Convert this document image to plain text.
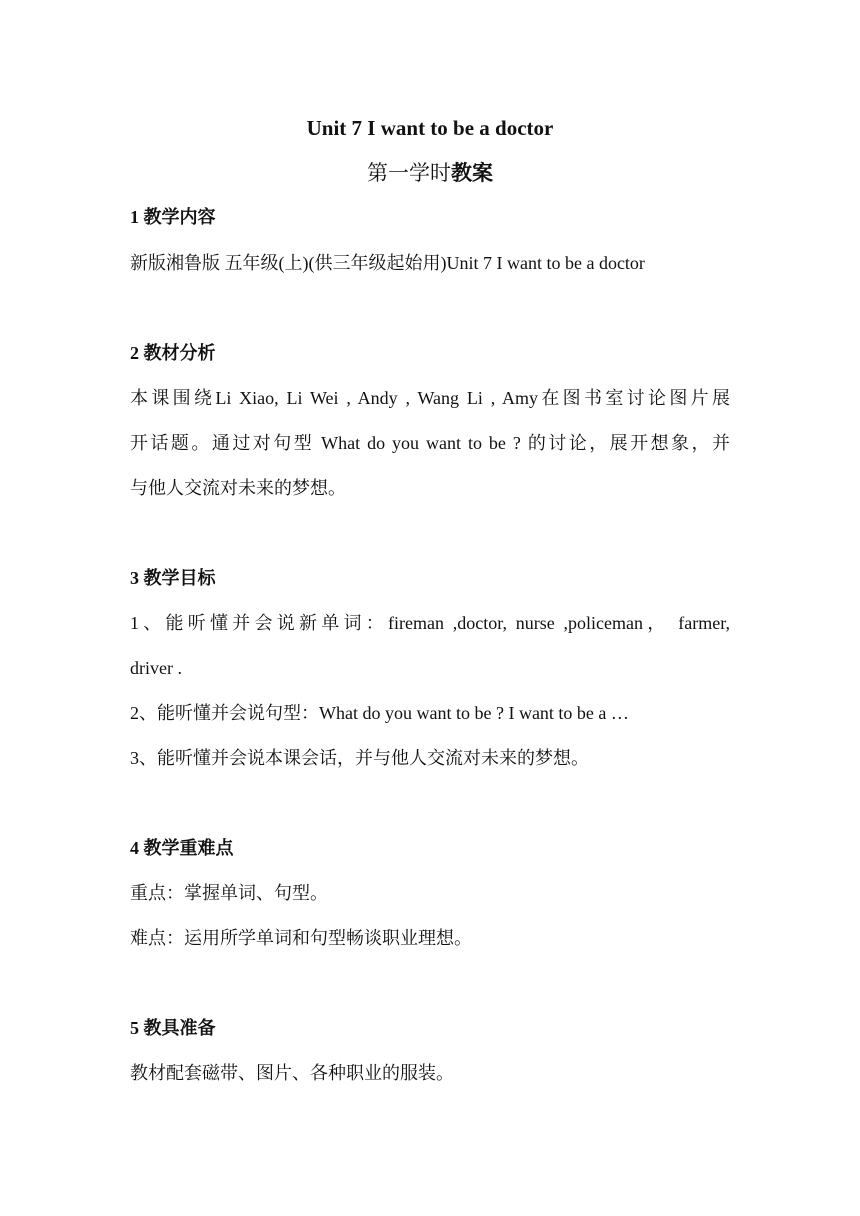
Unit 7 I want to be a doctor
第一学时教案
1 教学内容
新版湘鲁版 五年级(上)(供三年级起始用)Unit 7 I want to be a doctor
2 教材分析
本课围绕Li Xiao, Li Wei , Andy , Wang Li , Amy在图书室讨论图片展
开话题。通过对句型 What do you want to be ? 的讨论，展开想象，并
与他人交流对未来的梦想。
3 教学目标
1、能听懂并会说新单词：fireman ,doctor, nurse ,policeman， farmer,
driver .
2、能听懂并会说句型：What do you want to be ? I want to be a …
3、能听懂并会说本课会话，并与他人交流对未来的梦想。
4 教学重难点
重点：掌握单词、句型。
难点：运用所学单词和句型畅谈职业理想。
5 教具准备
教材配套磁带、图片、各种职业的服装。
